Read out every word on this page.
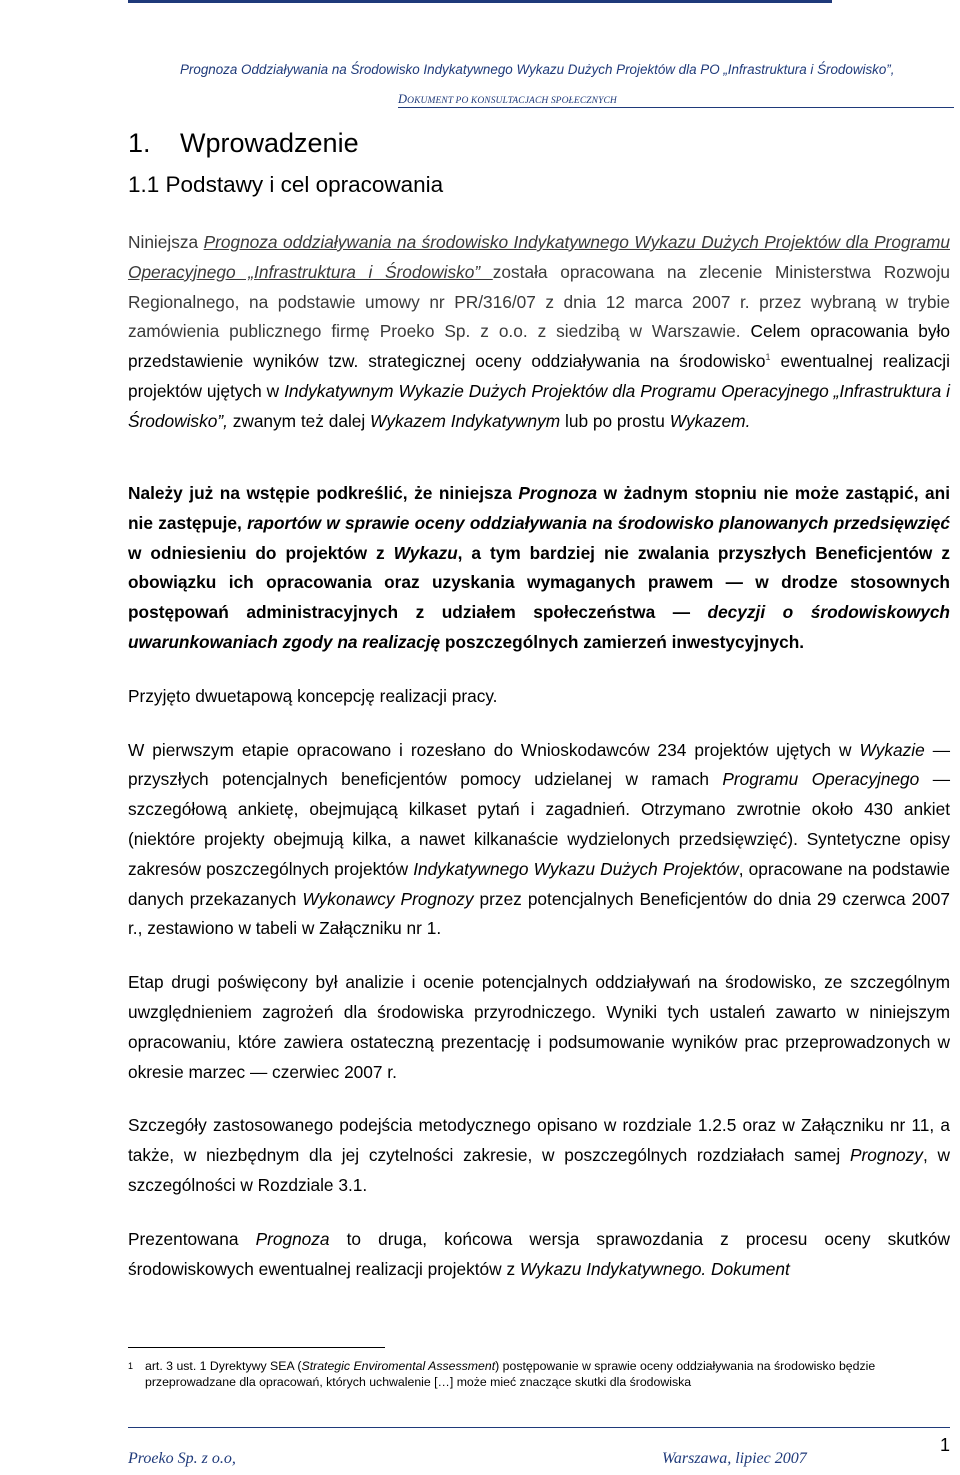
Prognoza Oddziaływania na Środowisko Indykatywnego Wykazu Dużych Projektów dla PO „Infrastruktura i Środowisko”,
DOKUMENT PO KONSULTACJACH SPOŁECZNYCH
1. Wprowadzenie
1.1 Podstawy i cel opracowania

Niniejsza Prognoza oddziaływania na środowisko Indykatywnego Wykazu Dużych Projektów dla Programu Operacyjnego „Infrastruktura i Środowisko” została opracowana na zlecenie Ministerstwa Rozwoju Regionalnego, na podstawie umowy nr PR/316/07 z dnia 12 marca 2007 r. przez wybraną w trybie zamówienia publicznego firmę Proeko Sp. z o.o. z siedzibą w Warszawie. Celem opracowania było przedstawienie wyników tzw. strategicznej oceny oddziaływania na środowisko$^1$ ewentualnej realizacji projektów ujętych w Indykatywnym Wykazie Dużych Projektów dla Programu Operacyjnego „Infrastruktura i Środowisko”, zwanym też dalej Wykazem Indykatywnym lub po prostu Wykazem.

Należy już na wstępie podkreślić, że niniejsza Prognoza w żadnym stopniu nie może zastąpić, ani nie zastępuje, raportów w sprawie oceny oddziaływania na środowisko planowanych przedsięwzięć w odniesieniu do projektów z Wykazu, a tym bardziej nie zwalania przyszłych Beneficjentów z obowiązku ich opracowania oraz uzyskania wymaganych prawem — w drodze stosownych postępowań administracyjnych z udziałem społeczeństwa — decyzji o środowiskowych uwarunkowaniach zgody na realizację poszczególnych zamierzeń inwestycyjnych.

Przyjęto dwuetapową koncepcję realizacji pracy.

W pierwszym etapie opracowano i rozesłano do Wnioskodawców 234 projektów ujętych w Wykazie — przyszłych potencjalnych beneficjentów pomocy udzielanej w ramach Programu Operacyjnego — szczegółową ankietę, obejmującą kilkaset pytań i zagadnień. Otrzymano zwrotnie około 430 ankiet (niektóre projekty obejmują kilka, a nawet kilkanaście wydzielonych przedsięwzięć). Syntetyczne opisy zakresów poszczególnych projektów Indykatywnego Wykazu Dużych Projektów, opracowane na podstawie danych przekazanych Wykonawcy Prognozy przez potencjalnych Beneficjentów do dnia 29 czerwca 2007 r., zestawiono w tabeli w Załączniku nr 1.

Etap drugi poświęcony był analizie i ocenie potencjalnych oddziaływań na środowisko, ze szczególnym uwzględnieniem zagrożeń dla środowiska przyrodniczego. Wyniki tych ustaleń zawarto w niniejszym opracowaniu, które zawiera ostateczną prezentację i podsumowanie wyników prac przeprowadzonych w okresie marzec — czerwiec 2007 r.

Szczegóły zastosowanego podejścia metodycznego opisano w rozdziale 1.2.5 oraz w Załączniku nr 11, a także, w niezbędnym dla jej czytelności zakresie, w poszczególnych rozdziałach samej Prognozy, w szczególności w Rozdziale 3.1.

Prezentowana Prognoza to druga, końcowa wersja sprawozdania z procesu oceny skutków środowiskowych ewentualnej realizacji projektów z Wykazu Indykatywnego. Dokument

1 art. 3 ust. 1 Dyrektywy SEA (Strategic Enviromental Assessment) postępowanie w sprawie oceny oddziaływania na środowisko będzie przeprowadzane dla opracowań, których uchwalenie […] może mieć znaczące skutki dla środowiska
Proeko Sp. z o.o,	Warszawa, lipiec 2007
1
